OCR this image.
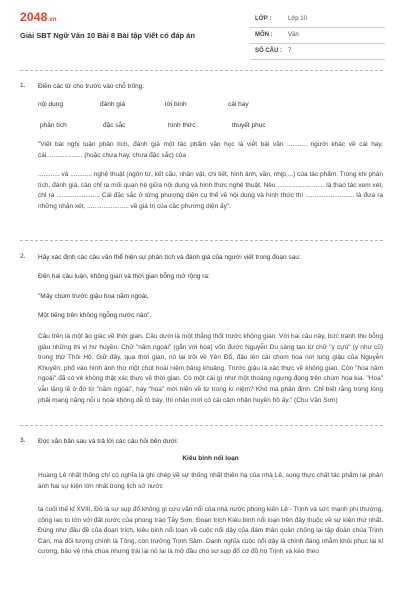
2048.vn
Giải SBT Ngữ Văn 10 Bài 8 Bài tập Viết có đáp án
LỚP :	Lớp 10
MÔN :	Văn
SỐ CÂU : 7
1. Điền các từ cho trước vào chỗ trống:
nội dung	đánh giá	lời bình	cái hay
phân tích	đặc sắc	hình thức	thuyết phục
"Viết bài nghị luận phân tích, đánh giá một tác phẩm văn học là viết bài văn ........... người khác về cái hay, cái.................... (hoặc chưa hay, chưa đặc sắc) của
............ và ............ nghệ thuật (ngôn từ, kết cấu, nhân vật, chi tiết, hình ảnh, vần, nhịp,...) của tác phẩm. Trong khi phân tích, đánh giá, cần chỉ ra mối quan hệ giữa nội dung và hình thức nghệ thuật. Nêu .......................... là thao tác xem xét, chỉ ra ........................ Cái đặc sắc ở từng phương diện cụ thể về nội dung và hình thức thì ........................... là đưa ra những nhận xét, ....................... về giá trị của các phương diện ấy".
2. Hãy xác định các câu văn thể hiện sự phân tích và đánh giá của người viết trong đoạn sau:
Đến hai câu luận, không gian và thời gian bỗng mở rộng ra:
"Mấy chùm trước giậu hoa năm ngoái,
Một tiếng trên không ngỗng nước nào".
Câu trên là một ảo giác về thời gian. Câu dưới là một thắng thốt trước không gian. Với hai câu này, bức tranh thu bỗng giàu những thi vị hư huyền. Chữ "năm ngoái" (gắn với hoa) vốn được Nguyễn Du sáng tạo từ chữ "y cựu" (y như cũ) trong thơ Thôi Hộ. Giữ đây, qua thời gian, nó lại trôi về Yên Đổ, đậu lên cái chùm hoa nơi lung giậu của Nguyễn Khuyến; phổ vào hình ảnh thơ một chút hoài niệm bâng khuâng. Trước giậu là xác thực về không gian. Còn "hoa năm ngoái" đã có vẻ không thật xác thực về thời gian. Có một cái gì như một thoáng ngưng đọng trên chùm hoa kia. "Hoa" vẫn lặng lẽ ở đó từ "năm ngoái", hay "hoa" mới hiện về từ trong kí niệm? Khó mà phân định. Chỉ biết rằng trong lòng phải mang nặng nỗi u hoài không dễ tỏ bày, thì nhãn mới có cái cảm nhận huyền hồ ấy." (Chu Văn Sơn)
3. Đọc văn bản sau và trả lời các câu hỏi bên dưới:
Kiêu binh nổi loạn
Hoàng Lê nhất thống chí có nghĩa là ghi chép về sự thống nhất thiên hạ của nhà Lê, song thực chất tác phẩm lại phản ánh hai sự kiện lớn nhất trong lịch sử nước
ta cuối thế kỉ XVIII. Đó là sự sụp đổ không gì cứu vãn nổi của nhà nước phong kiến Lê - Trịnh và sức mạnh phi thường, công lao to lớn với đất nước của phong trào Tây Sơn. Đoạn trích Kiêu binh nổi loạn trên đây thuộc về sự kiện thứ nhất. Đúng như đầu đề của đoạn trích, kiêu binh nổi loạn về cuộc nổi dậy của đám thân quân chống lại tập đoàn chúa Trịnh Cán, mà đối tượng chính là Tông, con trưởng Trịnh Sâm. Danh nghĩa cuộc nổi dậy là chính đáng nhằm khôi phục lại kỉ cương, bảo vệ nhà chúa nhưng trái lại nó lại là mở đầu cho sự sụp đổ cơ đồ họ Trịnh và kéo theo
